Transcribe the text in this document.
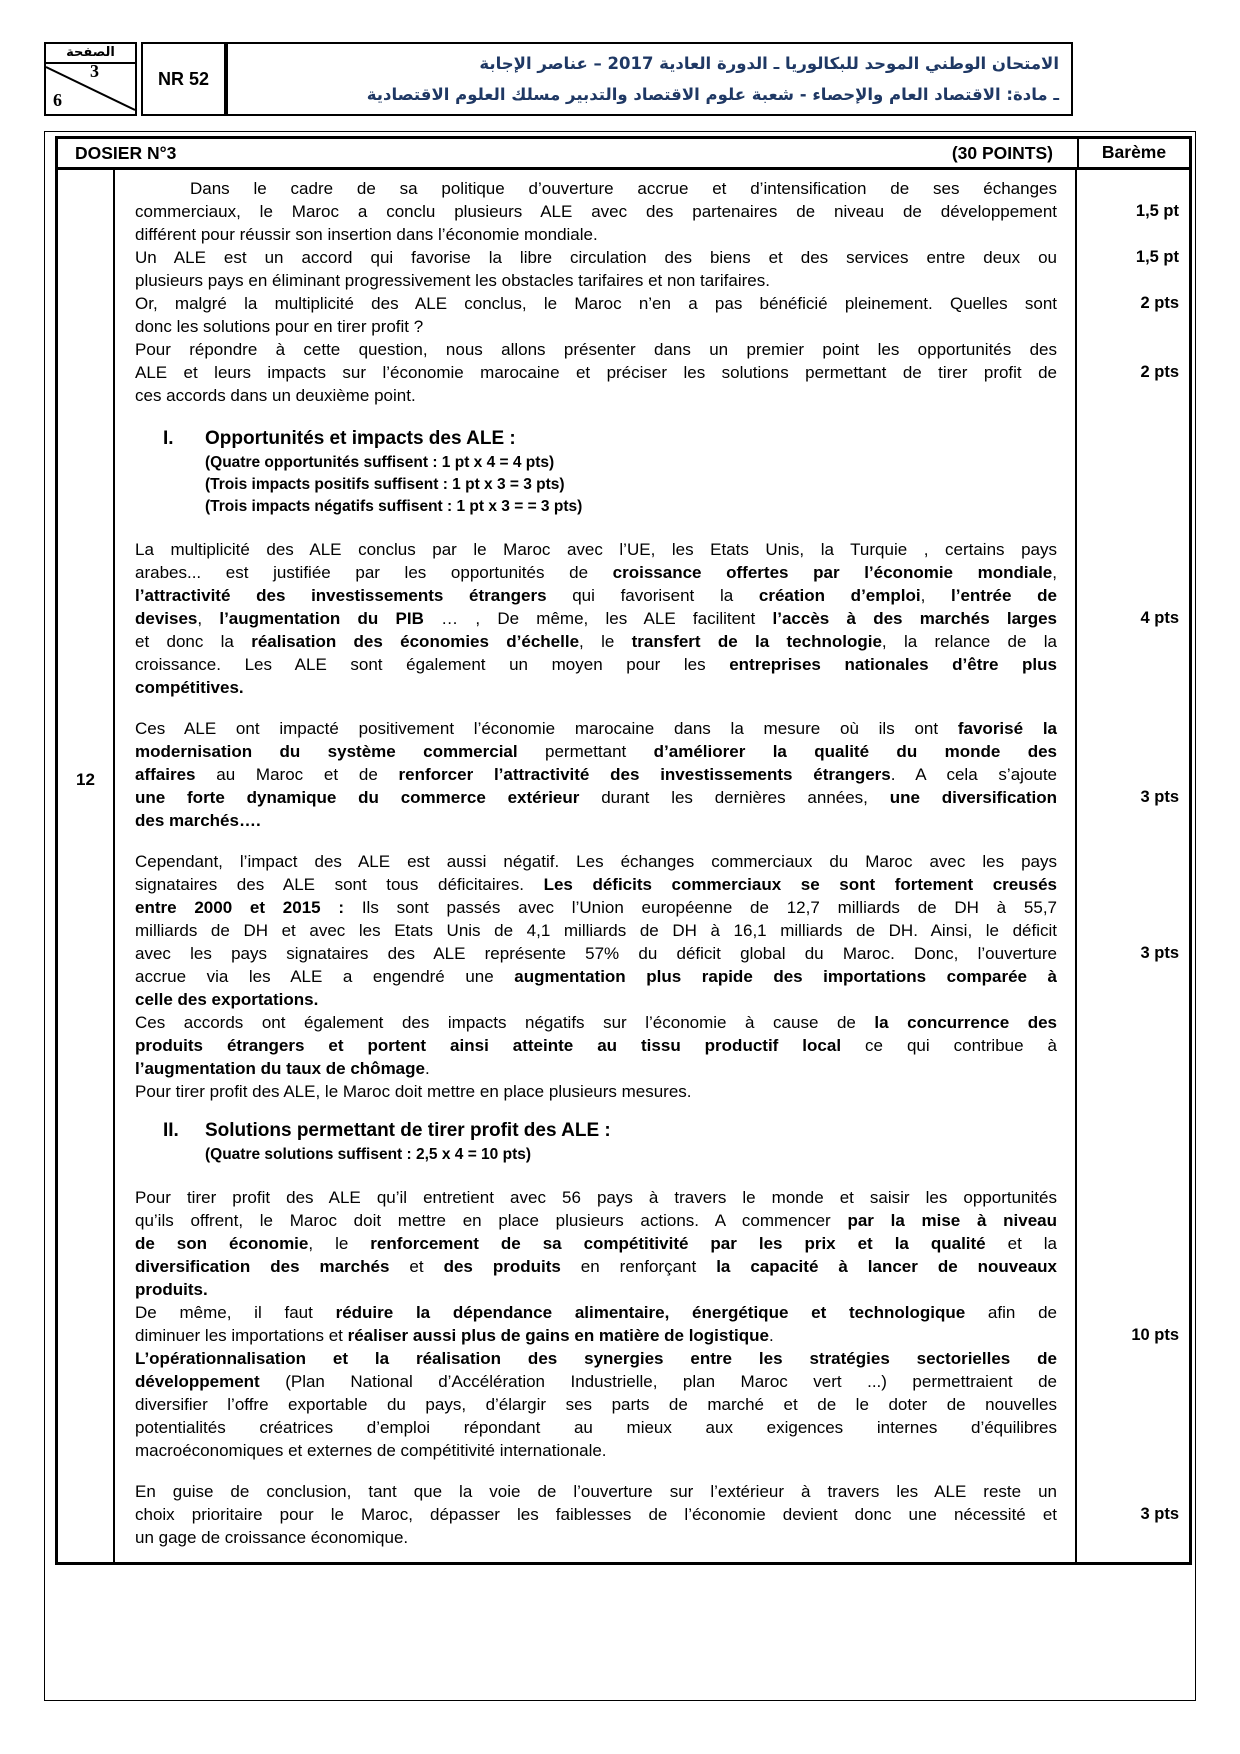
الصفحة
3
6
NR 52
الامتحان الوطني الموحد للبكالوريا ـ الدورة العادية 2017 – عناصر الإجابة
ـ مادة: الاقتصاد العام والإحصاء - شعبة علوم الاقتصاد والتدبير مسلك العلوم الاقتصادية
DOSIER N°3	(30 POINTS)	Barème
12
Dans le cadre de sa politique d’ouverture accrue et d’intensification de ses échanges
commerciaux, le Maroc a conclu plusieurs ALE avec des partenaires de niveau de développement
différent pour réussir son insertion dans l’économie mondiale.
1,5 pt
Un ALE est un accord qui favorise la libre circulation des biens et des services entre deux ou
plusieurs pays en éliminant progressivement les obstacles tarifaires et non tarifaires.
1,5 pt
Or, malgré la multiplicité des ALE conclus, le Maroc n’en a pas bénéficié pleinement. Quelles sont
donc les solutions pour en tirer profit ?
2 pts
Pour répondre à cette question, nous allons présenter dans un premier point les opportunités des
ALE et leurs impacts sur l’économie marocaine et préciser les solutions permettant de tirer profit de
ces accords dans un deuxième point.
2 pts
I. Opportunités et impacts des ALE :
(Quatre opportunités suffisent : 1 pt x 4 = 4 pts)
(Trois impacts positifs suffisent : 1 pt x 3 = 3 pts)
(Trois impacts négatifs suffisent : 1 pt x 3 = = 3 pts)
La multiplicité des ALE conclus par le Maroc avec l’UE, les Etats Unis, la Turquie , certains pays
arabes... est justifiée par les opportunités de croissance offertes par l’économie mondiale,
l’attractivité des investissements étrangers qui favorisent la création d’emploi, l’entrée de
devises, l’augmentation du PIB … , De même, les ALE facilitent l’accès à des marchés larges
et donc la réalisation des économies d’échelle, le transfert de la technologie, la relance de la
croissance. Les ALE sont également un moyen pour les entreprises nationales d’être plus
compétitives.
4 pts
Ces ALE ont impacté positivement l’économie marocaine dans la mesure où ils ont favorisé la
modernisation du système commercial permettant d’améliorer la qualité du monde des
affaires au Maroc et de renforcer l’attractivité des investissements étrangers. A cela s’ajoute
une forte dynamique du commerce extérieur durant les dernières années, une diversification
des marchés….
3 pts
Cependant, l’impact des ALE est aussi négatif. Les échanges commerciaux du Maroc avec les pays
signataires des ALE sont tous déficitaires. Les déficits commerciaux se sont fortement creusés
entre 2000 et 2015 : Ils sont passés avec l’Union européenne de 12,7 milliards de DH à 55,7
milliards de DH et avec les Etats Unis de 4,1 milliards de DH à 16,1 milliards de DH. Ainsi, le déficit
avec les pays signataires des ALE représente 57% du déficit global du Maroc. Donc, l’ouverture
accrue via les ALE a engendré une augmentation plus rapide des importations comparée à
celle des exportations.
Ces accords ont également des impacts négatifs sur l’économie à cause de la concurrence des
produits étrangers et portent ainsi atteinte au tissu productif local ce qui contribue à
l’augmentation du taux de chômage.
Pour tirer profit des ALE, le Maroc doit mettre en place plusieurs mesures.
3 pts
II. Solutions permettant de tirer profit des ALE :
(Quatre solutions suffisent : 2,5 x 4 = 10 pts)
Pour tirer profit des ALE qu’il entretient avec 56 pays à travers le monde et saisir les opportunités
qu’ils offrent, le Maroc doit mettre en place plusieurs actions. A commencer par la mise à niveau
de son économie, le renforcement de sa compétitivité par les prix et la qualité et la
diversification des marchés et des produits en renforçant la capacité à lancer de nouveaux
produits.
De même, il faut réduire la dépendance alimentaire, énergétique et technologique afin de
diminuer les importations et réaliser aussi plus de gains en matière de logistique.
L’opérationnalisation et la réalisation des synergies entre les stratégies sectorielles de
développement (Plan National d’Accélération Industrielle, plan Maroc vert ...) permettraient de
diversifier l’offre exportable du pays, d’élargir ses parts de marché et de le doter de nouvelles
potentialités créatrices d’emploi répondant au mieux aux exigences internes d’équilibres
macroéconomiques et externes de compétitivité internationale.
10 pts
En guise de conclusion, tant que la voie de l’ouverture sur l’extérieur à travers les ALE reste un
choix prioritaire pour le Maroc, dépasser les faiblesses de l’économie devient donc une nécessité et
un gage de croissance économique.
3 pts
